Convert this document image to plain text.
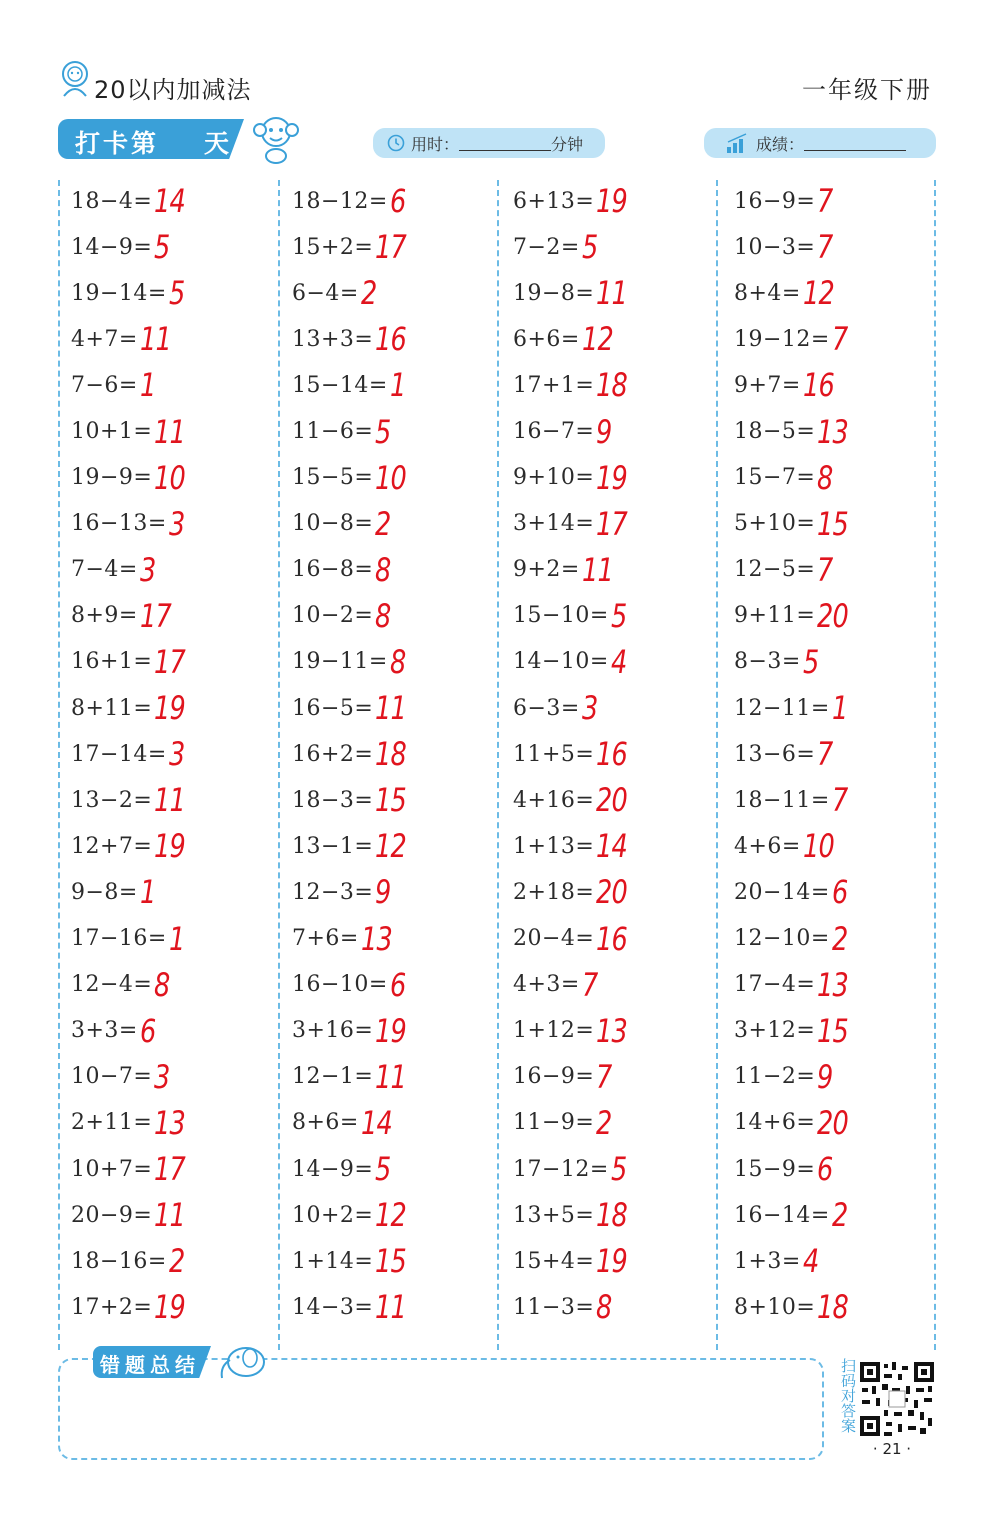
20以内加减法	一年级下册
打卡第 天	用时：	分钟	成绩：
18−4= 14
14−9= 5
19−14= 5
4+7= 11
7−6= 1
10+1= 11
19−9= 10
16−13= 3
7−4= 3
8+9= 17
16+1= 17
8+11= 19
17−14= 3
13−2= 11
12+7= 19
9−8= 1
17−16= 1
12−4= 8
3+3= 6
10−7= 3
2+11= 13
10+7= 17
20−9= 11
18−16= 2
17+2= 19
18−12= 6
15+2= 17
6−4= 2
13+3= 16
15−14= 1
11−6= 5
15−5= 10
10−8= 2
16−8= 8
10−2= 8
19−11= 8
16−5= 11
16+2= 18
18−3= 15
13−1= 12
12−3= 9
7+6= 13
16−10= 6
3+16= 19
12−1= 11
8+6= 14
14−9= 5
10+2= 12
1+14= 15
14−3= 11
6+13= 19
7−2= 5
19−8= 11
6+6= 12
17+1= 18
16−7= 9
9+10= 19
3+14= 17
9+2= 11
15−10= 5
14−10= 4
6−3= 3
11+5= 16
4+16= 20
1+13= 14
2+18= 20
20−4= 16
4+3= 7
1+12= 13
16−9= 7
11−9= 2
17−12= 5
13+5= 18
15+4= 19
11−3= 8
16−9= 7
10−3= 7
8+4= 12
19−12= 7
9+7= 16
18−5= 13
15−7= 8
5+10= 15
12−5= 7
9+11= 20
8−3= 5
12−11= 1
13−6= 7
18−11= 7
4+6= 10
20−14= 6
12−10= 2
17−4= 13
3+12= 15
11−2= 9
14+6= 20
15−9= 6
16−14= 2
1+3= 4
8+10= 18
错题总结	扫码对答案
· 21 ·
